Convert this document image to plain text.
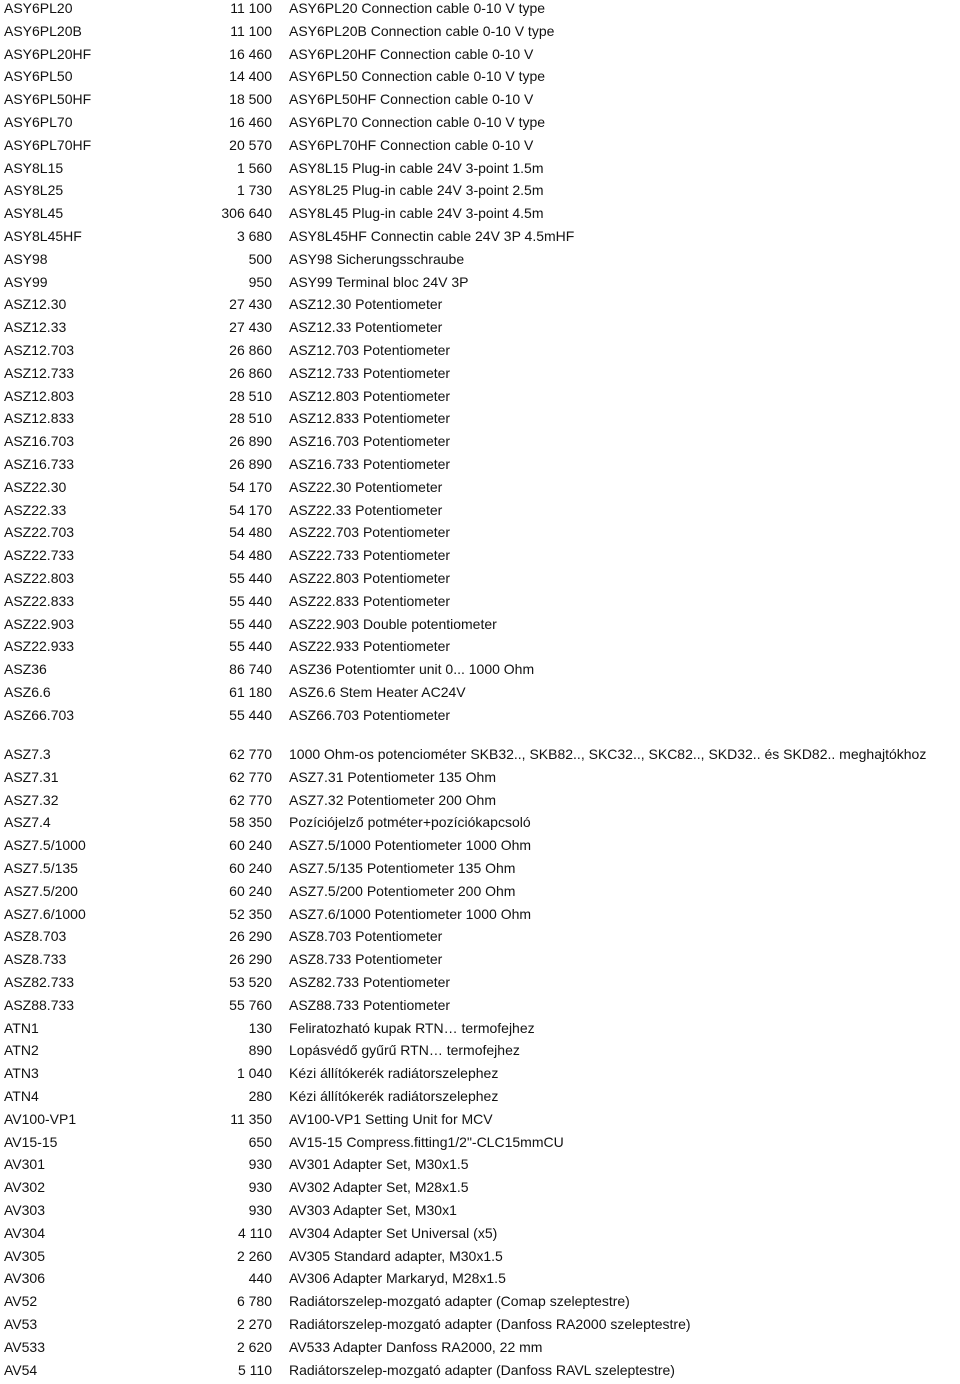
ASY6PL20	11 100 ASY6PL20 Connection cable 0-10 V type
ASY6PL20B	11 100 ASY6PL20B Connection cable 0-10 V type
ASY6PL20HF	16 460 ASY6PL20HF Connection cable 0-10 V
ASY6PL50	14 400 ASY6PL50 Connection cable 0-10 V type
ASY6PL50HF	18 500 ASY6PL50HF Connection cable 0-10 V
ASY6PL70	16 460 ASY6PL70 Connection cable 0-10 V type
ASY6PL70HF	20 570 ASY6PL70HF Connection cable 0-10 V
ASY8L15	1 560 ASY8L15 Plug-in cable 24V 3-point 1.5m
ASY8L25	1 730 ASY8L25 Plug-in cable 24V 3-point 2.5m
ASY8L45	306 640 ASY8L45 Plug-in cable 24V 3-point 4.5m
ASY8L45HF	3 680 ASY8L45HF Connectin cable 24V 3P 4.5mHF
ASY98	500 ASY98 Sicherungsschraube
ASY99	950 ASY99 Terminal bloc 24V 3P
ASZ12.30	27 430 ASZ12.30 Potentiometer
ASZ12.33	27 430 ASZ12.33 Potentiometer
ASZ12.703	26 860 ASZ12.703 Potentiometer
ASZ12.733	26 860 ASZ12.733 Potentiometer
ASZ12.803	28 510 ASZ12.803 Potentiometer
ASZ12.833	28 510 ASZ12.833 Potentiometer
ASZ16.703	26 890 ASZ16.703 Potentiometer
ASZ16.733	26 890 ASZ16.733 Potentiometer
ASZ22.30	54 170 ASZ22.30 Potentiometer
ASZ22.33	54 170 ASZ22.33 Potentiometer
ASZ22.703	54 480 ASZ22.703 Potentiometer
ASZ22.733	54 480 ASZ22.733 Potentiometer
ASZ22.803	55 440 ASZ22.803 Potentiometer
ASZ22.833	55 440 ASZ22.833 Potentiometer
ASZ22.903	55 440 ASZ22.903 Double potentiometer
ASZ22.933	55 440 ASZ22.933 Potentiometer
ASZ36	86 740 ASZ36 Potentiomter unit 0... 1000 Ohm
ASZ6.6	61 180 ASZ6.6 Stem Heater AC24V
ASZ66.703	55 440 ASZ66.703 Potentiometer
ASZ7.3	62 770 1000 Ohm-os potenciométer SKB32.., SKB82.., SKC32.., SKC82.., SKD32.. és SKD82.. meghajtókhoz
ASZ7.31	62 770 ASZ7.31 Potentiometer 135 Ohm
ASZ7.32	62 770 ASZ7.32 Potentiometer 200 Ohm
ASZ7.4	58 350 Pozíciójelző potméter+pozíciókapcsoló
ASZ7.5/1000	60 240 ASZ7.5/1000 Potentiometer 1000 Ohm
ASZ7.5/135	60 240 ASZ7.5/135 Potentiometer 135 Ohm
ASZ7.5/200	60 240 ASZ7.5/200 Potentiometer 200 Ohm
ASZ7.6/1000	52 350 ASZ7.6/1000 Potentiometer 1000 Ohm
ASZ8.703	26 290 ASZ8.703 Potentiometer
ASZ8.733	26 290 ASZ8.733 Potentiometer
ASZ82.733	53 520 ASZ82.733 Potentiometer
ASZ88.733	55 760 ASZ88.733 Potentiometer
ATN1	130 Feliratozható kupak RTN… termofejhez
ATN2	890 Lopásvédő gyűrű RTN… termofejhez
ATN3	1 040 Kézi állítókerék radiátorszelephez
ATN4	280 Kézi állítókerék radiátorszelephez
AV100-VP1	11 350 AV100-VP1 Setting Unit for MCV
AV15-15	650 AV15-15 Compress.fitting1/2"-CLC15mmCU
AV301	930 AV301 Adapter Set, M30x1.5
AV302	930 AV302 Adapter Set, M28x1.5
AV303	930 AV303 Adapter Set, M30x1
AV304	4 110 AV304 Adapter Set Universal (x5)
AV305	2 260 AV305 Standard adapter, M30x1.5
AV306	440 AV306 Adapter Markaryd, M28x1.5
AV52	6 780 Radiátorszelep-mozgató adapter (Comap szeleptestre)
AV53	2 270 Radiátorszelep-mozgató adapter (Danfoss RA2000 szeleptestre)
AV533	2 620 AV533 Adapter Danfoss RA2000, 22 mm
AV54	5 110 Radiátorszelep-mozgató adapter (Danfoss RAVL szeleptestre)
